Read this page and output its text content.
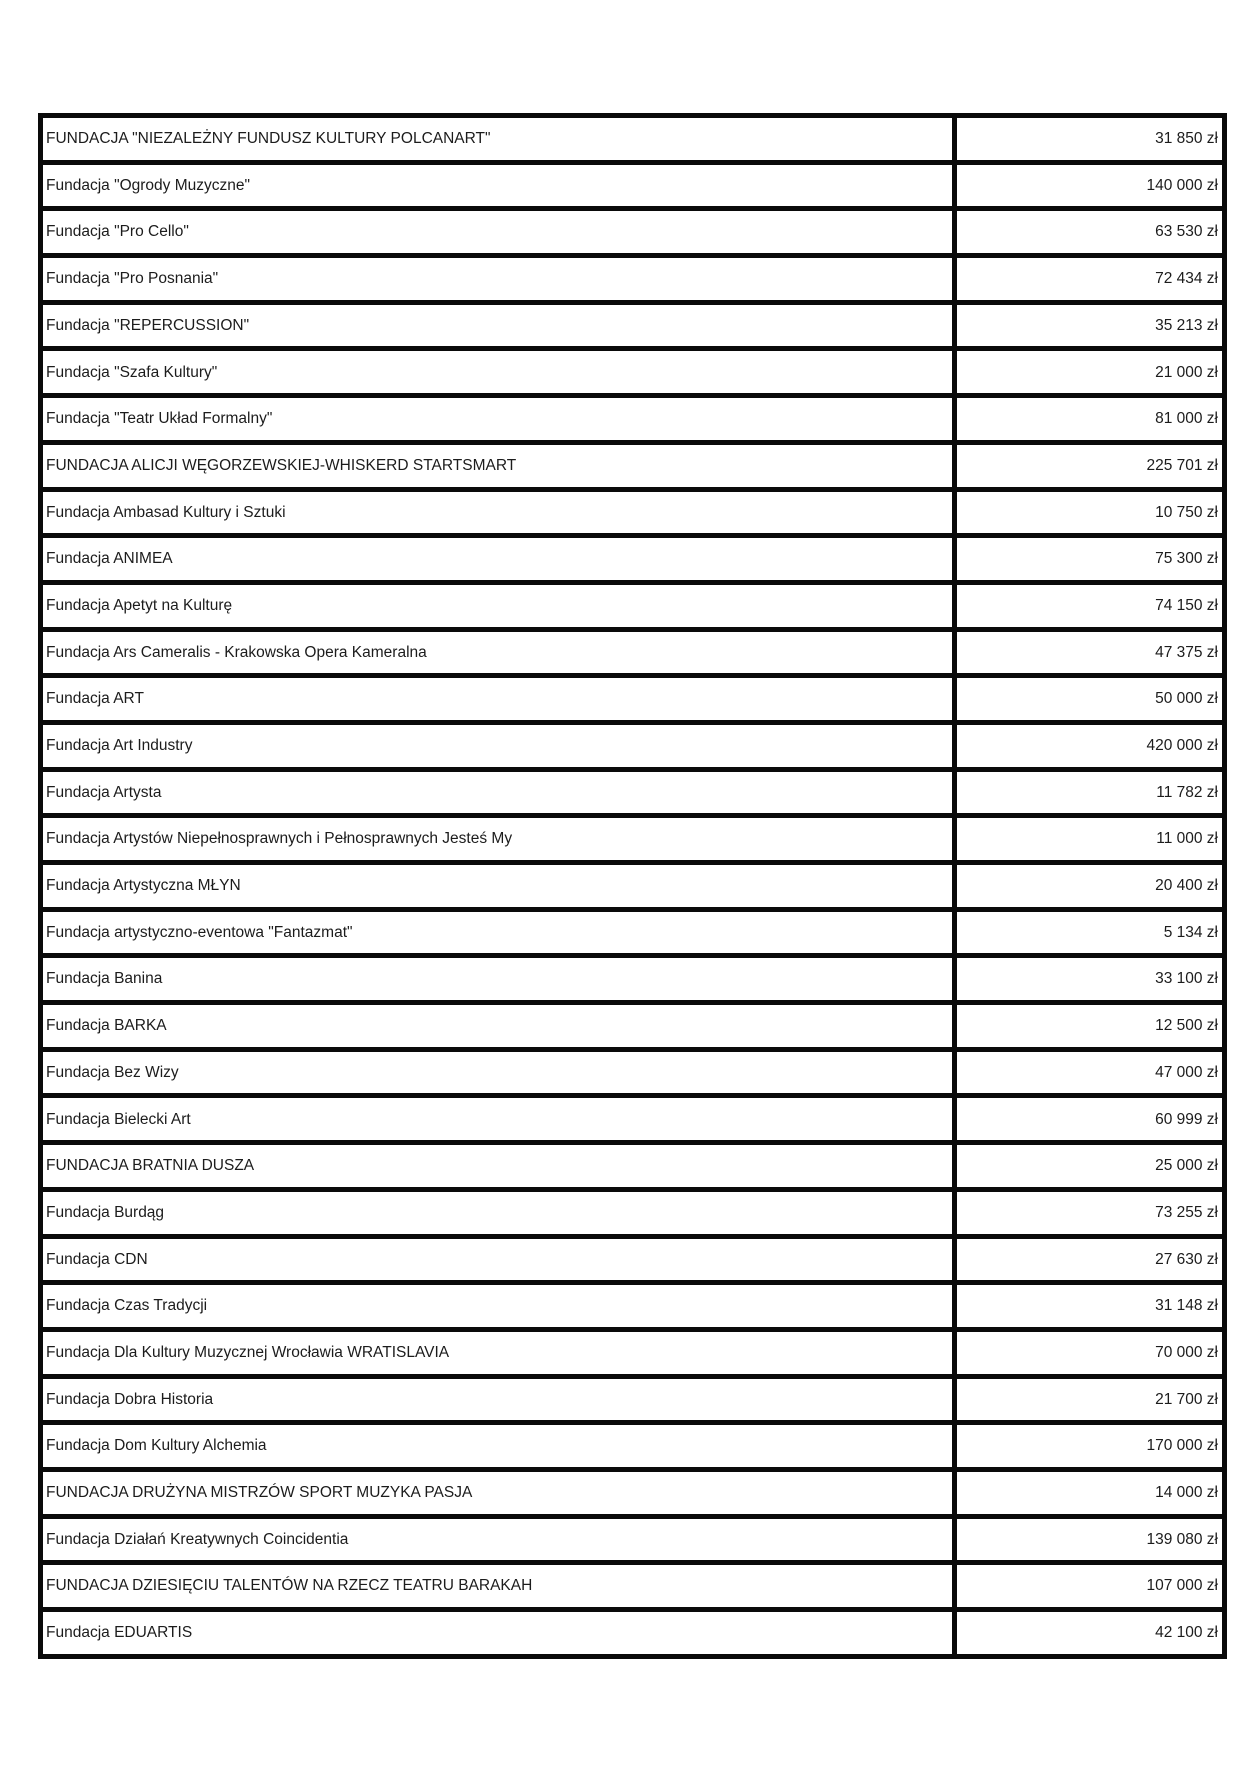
FUNDACJA "NIEZALEŻNY FUNDUSZ KULTURY POLCANART"	31 850 zł
Fundacja "Ogrody Muzyczne"	140 000 zł
Fundacja "Pro Cello"	63 530 zł
Fundacja "Pro Posnania"	72 434 zł
Fundacja "REPERCUSSION"	35 213 zł
Fundacja "Szafa Kultury"	21 000 zł
Fundacja "Teatr Układ Formalny"	81 000 zł
FUNDACJA ALICJI WĘGORZEWSKIEJ-WHISKERD STARTSMART	225 701 zł
Fundacja Ambasad Kultury i Sztuki	10 750 zł
Fundacja ANIMEA	75 300 zł
Fundacja Apetyt na Kulturę	74 150 zł
Fundacja Ars Cameralis - Krakowska Opera Kameralna	47 375 zł
Fundacja ART	50 000 zł
Fundacja Art Industry	420 000 zł
Fundacja Artysta	11 782 zł
Fundacja Artystów Niepełnosprawnych i Pełnosprawnych Jesteś My	11 000 zł
Fundacja Artystyczna MŁYN	20 400 zł
Fundacja artystyczno-eventowa "Fantazmat"	5 134 zł
Fundacja Banina	33 100 zł
Fundacja BARKA	12 500 zł
Fundacja Bez Wizy	47 000 zł
Fundacja Bielecki Art	60 999 zł
FUNDACJA BRATNIA DUSZA	25 000 zł
Fundacja Burdąg	73 255 zł
Fundacja CDN	27 630 zł
Fundacja Czas Tradycji	31 148 zł
Fundacja Dla Kultury Muzycznej Wrocławia WRATISLAVIA	70 000 zł
Fundacja Dobra Historia	21 700 zł
Fundacja Dom Kultury Alchemia	170 000 zł
FUNDACJA DRUŻYNA MISTRZÓW SPORT MUZYKA PASJA	14 000 zł
Fundacja Działań Kreatywnych Coincidentia	139 080 zł
FUNDACJA DZIESIĘCIU TALENTÓW NA RZECZ TEATRU BARAKAH	107 000 zł
Fundacja EDUARTIS	42 100 zł
